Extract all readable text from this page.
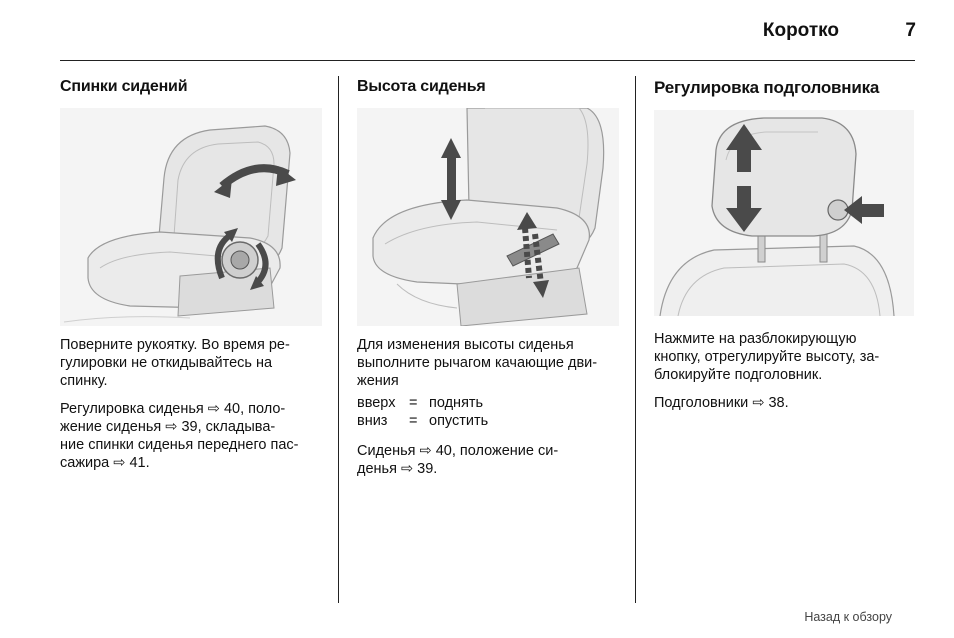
Коротко	7
Спинки сидений

Поверните рукоятку. Во время ре-
гулировки не откидывайтесь на
спинку.

Регулировка сиденья ⇨ 40, поло-
жение сиденья ⇨ 39, складыва-
ние спинки сиденья переднего пас-
сажира ⇨ 41.

Высота сиденья

Для изменения высоты сиденья
выполните рычагом качающие дви-
жения

вверх	=	поднять
вниз	=	опустить

Сиденья ⇨ 40, положение си-
денья ⇨ 39.

Регулировка подголовника

Нажмите на разблокирующую
кнопку, отрегулируйте высоту, за-
блокируйте подголовник.

Подголовники ⇨ 38.

Назад к обзору
